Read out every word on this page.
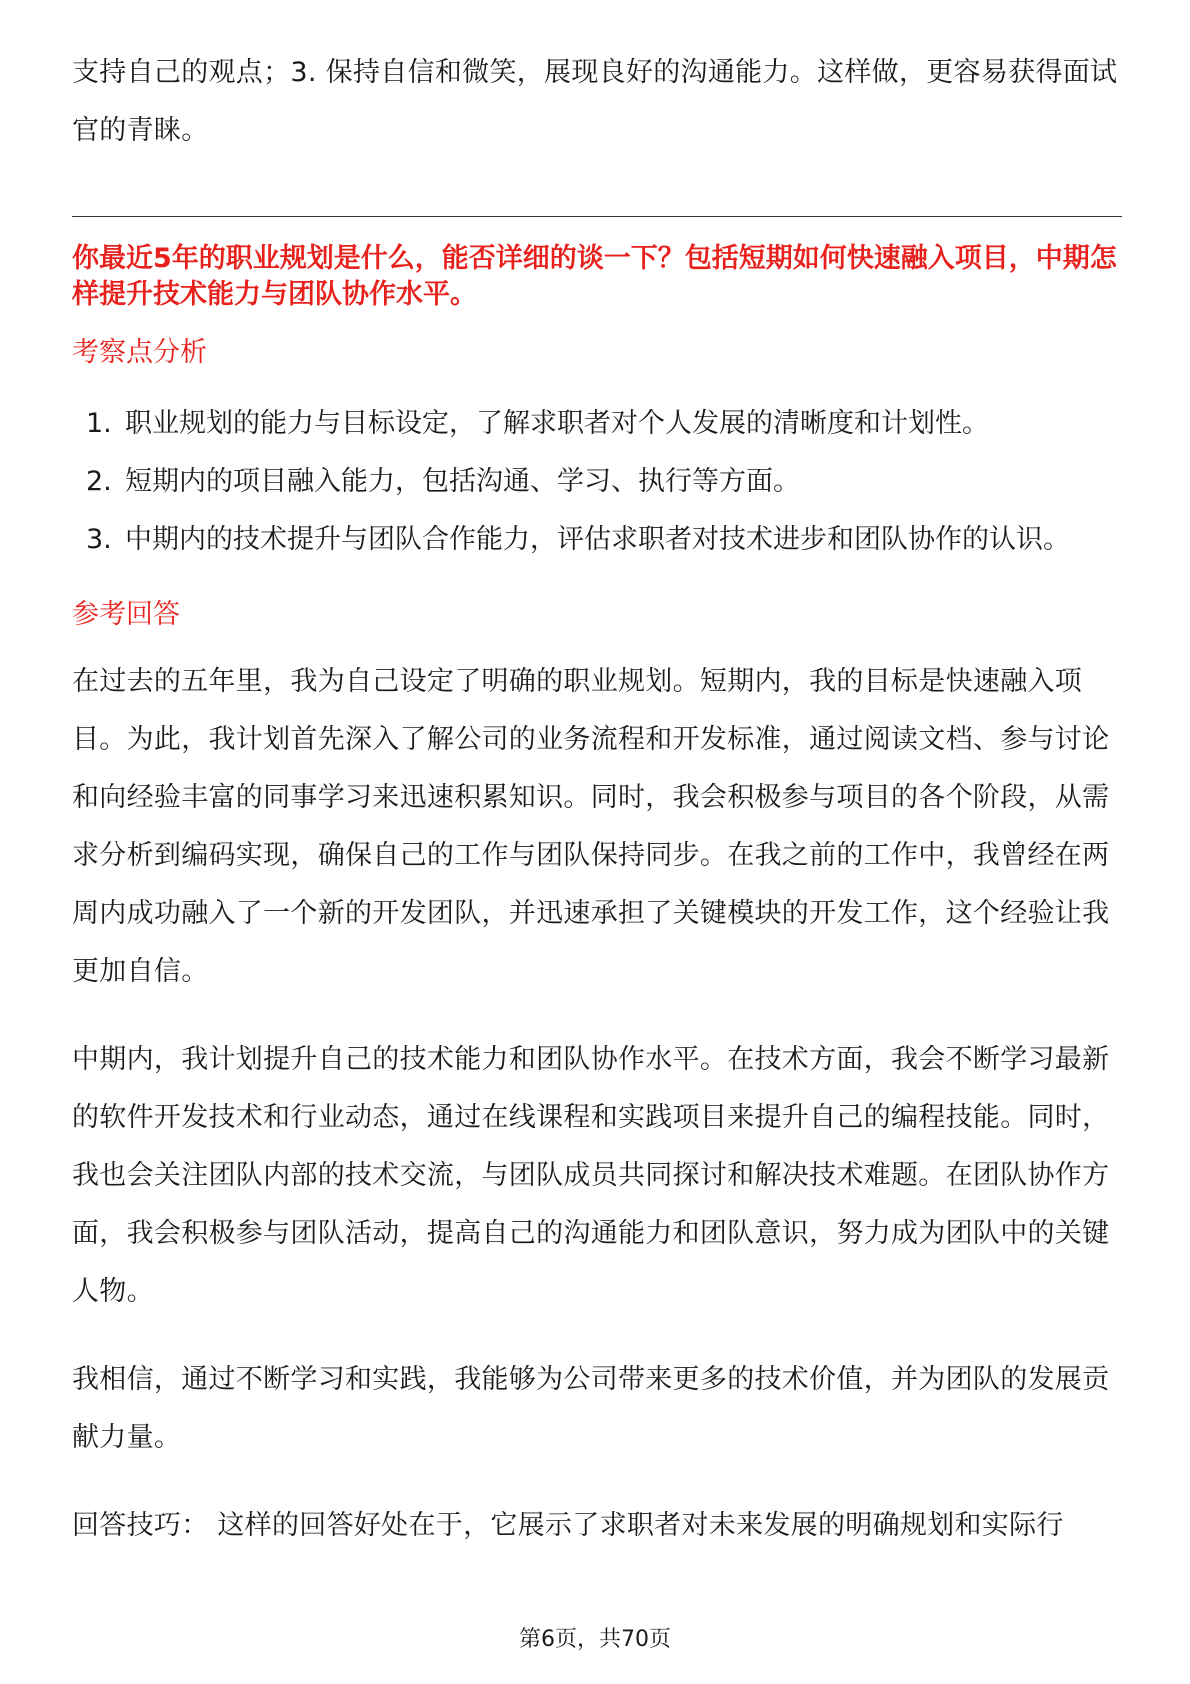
支持自己的观点；3. 保持自信和微笑，展现良好的沟通能力。这样做，更容易获得面试官的青睐。

你最近5年的职业规划是什么，能否详细的谈一下？包括短期如何快速融入项目，中期怎样提升技术能力与团队协作水平。

考察点分析

1. 职业规划的能力与目标设定，了解求职者对个人发展的清晰度和计划性。
2. 短期内的项目融入能力，包括沟通、学习、执行等方面。
3. 中期内的技术提升与团队合作能力，评估求职者对技术进步和团队协作的认识。

参考回答

在过去的五年里，我为自己设定了明确的职业规划。短期内，我的目标是快速融入项目。为此，我计划首先深入了解公司的业务流程和开发标准，通过阅读文档、参与讨论和向经验丰富的同事学习来迅速积累知识。同时，我会积极参与项目的各个阶段，从需求分析到编码实现，确保自己的工作与团队保持同步。在我之前的工作中，我曾经在两周内成功融入了一个新的开发团队，并迅速承担了关键模块的开发工作，这个经验让我更加自信。

中期内，我计划提升自己的技术能力和团队协作水平。在技术方面，我会不断学习最新的软件开发技术和行业动态，通过在线课程和实践项目来提升自己的编程技能。同时，我也会关注团队内部的技术交流，与团队成员共同探讨和解决技术难题。在团队协作方面，我会积极参与团队活动，提高自己的沟通能力和团队意识，努力成为团队中的关键人物。

我相信，通过不断学习和实践，我能够为公司带来更多的技术价值，并为团队的发展贡献力量。

回答技巧： 这样的回答好处在于，它展示了求职者对未来发展的明确规划和实际行

第6页，共70页
